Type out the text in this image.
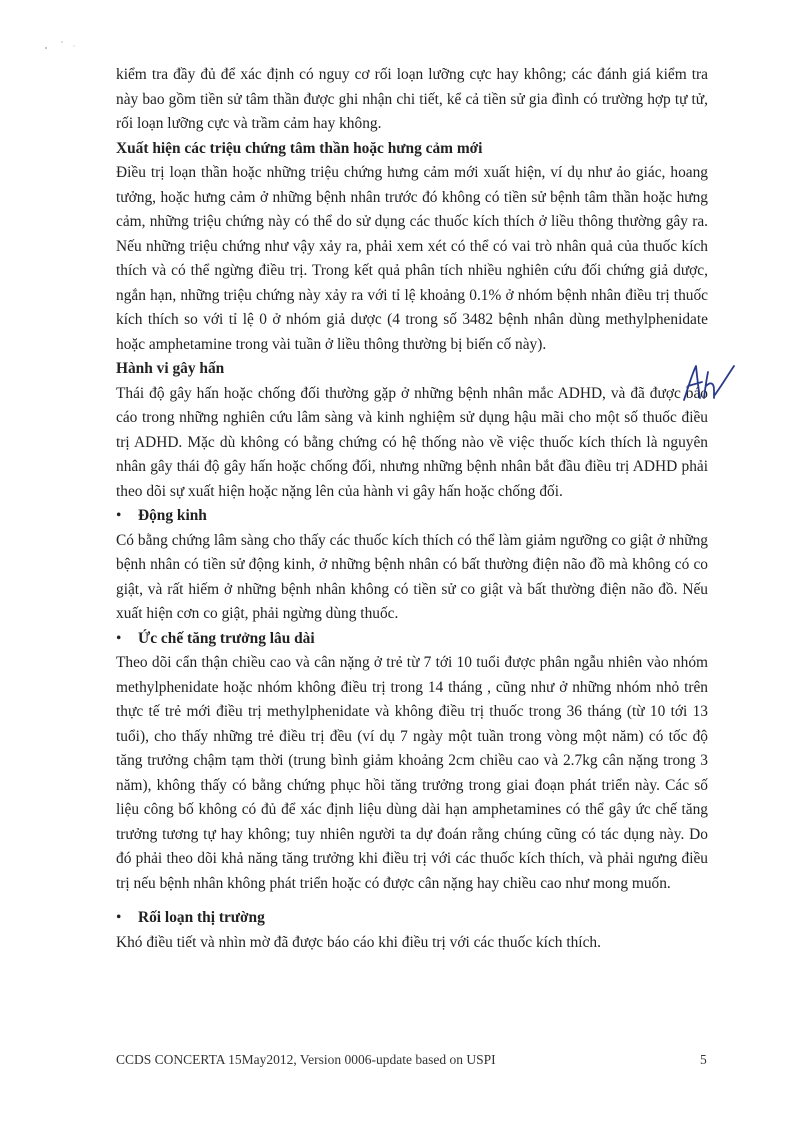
kiểm tra đầy đủ để xác định có nguy cơ rối loạn lưỡng cực hay không; các đánh giá kiểm tra này bao gồm tiền sử tâm thần được ghi nhận chi tiết, kể cả tiền sử gia đình có trường hợp tự tử, rối loạn lưỡng cực và trầm cảm hay không.

Xuất hiện các triệu chứng tâm thần hoặc hưng cảm mới

Điều trị loạn thần hoặc những triệu chứng hưng cảm mới xuất hiện, ví dụ như ảo giác, hoang tưởng, hoặc hưng cảm ở những bệnh nhân trước đó không có tiền sử bệnh tâm thần hoặc hưng cảm, những triệu chứng này có thể do sử dụng các thuốc kích thích ở liều thông thường gây ra. Nếu những triệu chứng như vậy xảy ra, phải xem xét có thể có vai trò nhân quả của thuốc kích thích và có thể ngừng điều trị. Trong kết quả phân tích nhiều nghiên cứu đối chứng giả dược, ngắn hạn, những triệu chứng này xảy ra với tỉ lệ khoảng 0.1% ở nhóm bệnh nhân điều trị thuốc kích thích so với tỉ lệ 0 ở nhóm giả dược (4 trong số 3482 bệnh nhân dùng methylphenidate hoặc amphetamine trong vài tuần ở liều thông thường bị biến cố này).

Hành vi gây hấn

Thái độ gây hấn hoặc chống đối thường gặp ở những bệnh nhân mắc ADHD, và đã được báo cáo trong những nghiên cứu lâm sàng và kinh nghiệm sử dụng hậu mãi cho một số thuốc điều trị ADHD. Mặc dù không có bằng chứng có hệ thống nào về việc thuốc kích thích là nguyên nhân gây thái độ gây hấn hoặc chống đối, nhưng những bệnh nhân bắt đầu điều trị ADHD phải theo dõi sự xuất hiện hoặc nặng lên của hành vi gây hấn hoặc chống đối.

• Động kinh

Có bằng chứng lâm sàng cho thấy các thuốc kích thích có thể làm giảm ngưỡng co giật ở những bệnh nhân có tiền sử động kinh, ở những bệnh nhân có bất thường điện não đồ mà không có co giật, và rất hiếm ở những bệnh nhân không có tiền sử co giật và bất thường điện não đồ. Nếu xuất hiện cơn co giật, phải ngừng dùng thuốc.

• Ức chế tăng trưởng lâu dài

Theo dõi cẩn thận chiều cao và cân nặng ở trẻ từ 7 tới 10 tuổi được phân ngẫu nhiên vào nhóm methylphenidate hoặc nhóm không điều trị trong 14 tháng , cũng như ở những nhóm nhỏ trên thực tế trẻ mới điều trị methylphenidate và không điều trị thuốc trong 36 tháng (từ 10 tới 13 tuổi), cho thấy những trẻ điều trị đều (ví dụ 7 ngày một tuần trong vòng một năm) có tốc độ tăng trưởng chậm tạm thời (trung bình giảm khoảng 2cm chiều cao và 2.7kg cân nặng trong 3 năm), không thấy có bằng chứng phục hồi tăng trưởng trong giai đoạn phát triển này. Các số liệu công bố không có đủ để xác định liệu dùng dài hạn amphetamines có thể gây ức chế tăng trưởng tương tự hay không; tuy nhiên người ta dự đoán rằng chúng cũng có tác dụng này. Do đó phải theo dõi khả năng tăng trưởng khi điều trị với các thuốc kích thích, và phải ngưng điều trị nếu bệnh nhân không phát triển hoặc có được cân nặng hay chiều cao như mong muốn.

• Rối loạn thị trường

Khó điều tiết và nhìn mờ đã được báo cáo khi điều trị với các thuốc kích thích.

CCDS CONCERTA 15May2012, Version 0006-update based on USPI	5
